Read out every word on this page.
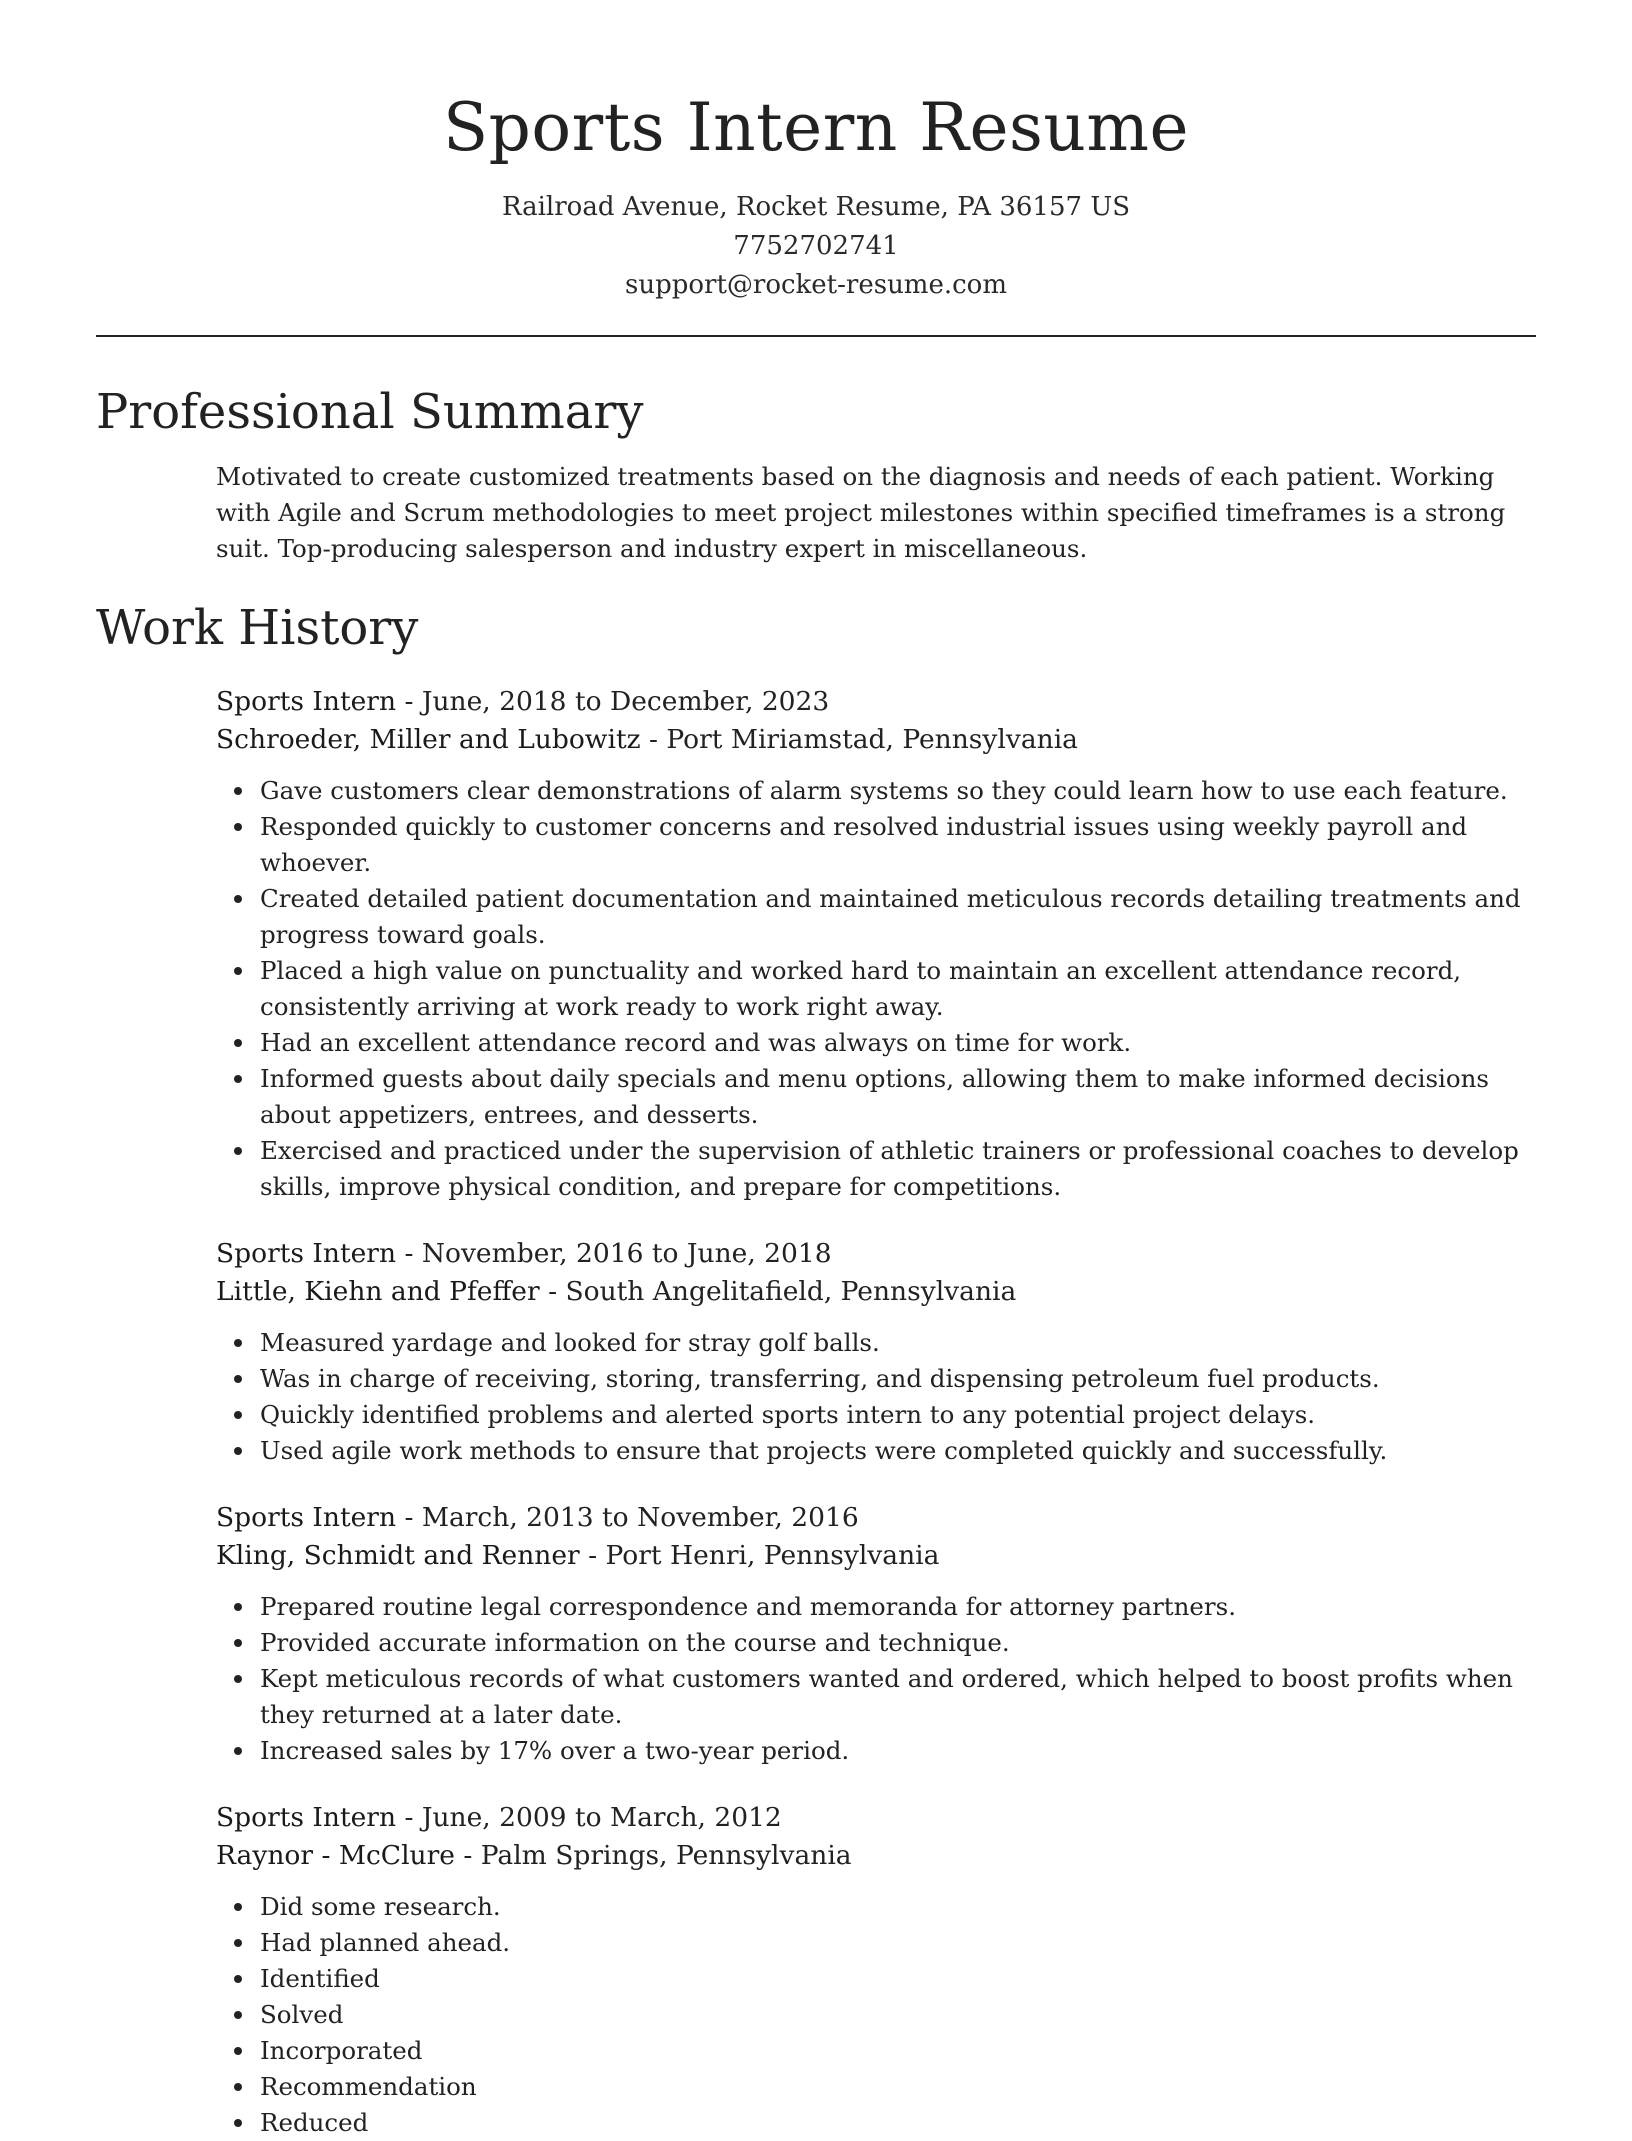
Sports Intern Resume
Railroad Avenue, Rocket Resume, PA 36157 US
7752702741
support@rocket-resume.com
Professional Summary

Motivated to create customized treatments based on the diagnosis and needs of each patient. Working with Agile and Scrum methodologies to meet project milestones within specified timeframes is a strong suit. Top-producing salesperson and industry expert in miscellaneous.

Work History
Sports Intern - June, 2018 to December, 2023
Schroeder, Miller and Lubowitz - Port Miriamstad, Pennsylvania
Gave customers clear demonstrations of alarm systems so they could learn how to use each feature.
Responded quickly to customer concerns and resolved industrial issues using weekly payroll and whoever.
Created detailed patient documentation and maintained meticulous records detailing treatments and progress toward goals.
Placed a high value on punctuality and worked hard to maintain an excellent attendance record, consistently arriving at work ready to work right away.
Had an excellent attendance record and was always on time for work.
Informed guests about daily specials and menu options, allowing them to make informed decisions about appetizers, entrees, and desserts.
Exercised and practiced under the supervision of athletic trainers or professional coaches to develop skills, improve physical condition, and prepare for competitions.
Sports Intern - November, 2016 to June, 2018
Little, Kiehn and Pfeffer - South Angelitafield, Pennsylvania
Measured yardage and looked for stray golf balls.
Was in charge of receiving, storing, transferring, and dispensing petroleum fuel products.
Quickly identified problems and alerted sports intern to any potential project delays.
Used agile work methods to ensure that projects were completed quickly and successfully.
Sports Intern - March, 2013 to November, 2016
Kling, Schmidt and Renner - Port Henri, Pennsylvania
Prepared routine legal correspondence and memoranda for attorney partners.
Provided accurate information on the course and technique.
Kept meticulous records of what customers wanted and ordered, which helped to boost profits when they returned at a later date.
Increased sales by 17% over a two-year period.
Sports Intern - June, 2009 to March, 2012
Raynor - McClure - Palm Springs, Pennsylvania
Did some research.
Had planned ahead.
Identified
Solved
Incorporated
Recommendation
Reduced
